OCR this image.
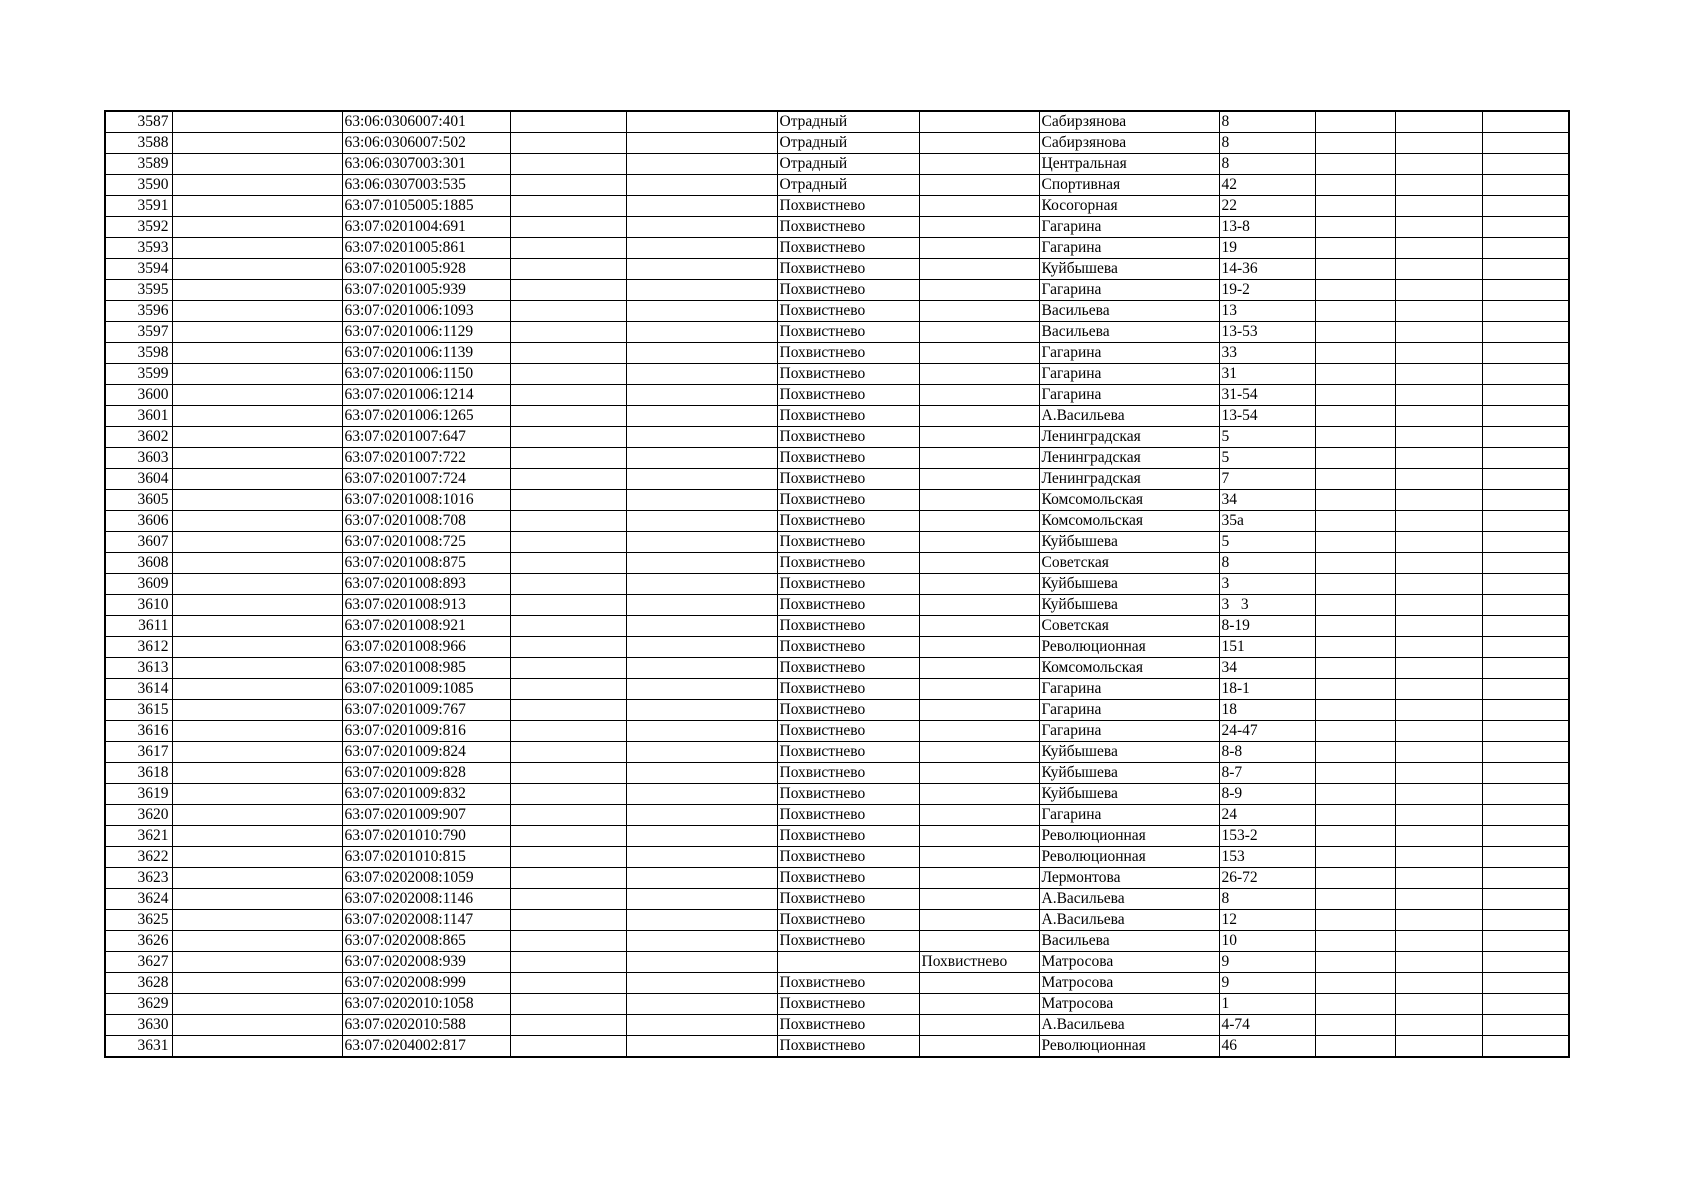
3587		63:06:0306007:401			Отрадный		Сабирзянова	8			
3588		63:06:0306007:502			Отрадный		Сабирзянова	8			
3589		63:06:0307003:301			Отрадный		Центральная	8			
3590		63:06:0307003:535			Отрадный		Спортивная	42			
3591		63:07:0105005:1885			Похвистнево		Косогорная	22			
3592		63:07:0201004:691			Похвистнево		Гагарина	13-8			
3593		63:07:0201005:861			Похвистнево		Гагарина	19			
3594		63:07:0201005:928			Похвистнево		Куйбышева	14-36			
3595		63:07:0201005:939			Похвистнево		Гагарина	19-2			
3596		63:07:0201006:1093			Похвистнево		Васильева	13			
3597		63:07:0201006:1129			Похвистнево		Васильева	13-53			
3598		63:07:0201006:1139			Похвистнево		Гагарина	33			
3599		63:07:0201006:1150			Похвистнево		Гагарина	31			
3600		63:07:0201006:1214			Похвистнево		Гагарина	31-54			
3601		63:07:0201006:1265			Похвистнево		А.Васильева	13-54			
3602		63:07:0201007:647			Похвистнево		Ленинградская	5			
3603		63:07:0201007:722			Похвистнево		Ленинградская	5			
3604		63:07:0201007:724			Похвистнево		Ленинградская	7			
3605		63:07:0201008:1016			Похвистнево		Комсомольская	34			
3606		63:07:0201008:708			Похвистнево		Комсомольская	35а			
3607		63:07:0201008:725			Похвистнево		Куйбышева	5			
3608		63:07:0201008:875			Похвистнево		Советская	8			
3609		63:07:0201008:893			Похвистнево		Куйбышева	3			
3610		63:07:0201008:913			Похвистнево		Куйбышева	3   3			
3611		63:07:0201008:921			Похвистнево		Советская	8-19			
3612		63:07:0201008:966			Похвистнево		Революционная	151			
3613		63:07:0201008:985			Похвистнево		Комсомольская	34			
3614		63:07:0201009:1085			Похвистнево		Гагарина	18-1			
3615		63:07:0201009:767			Похвистнево		Гагарина	18			
3616		63:07:0201009:816			Похвистнево		Гагарина	24-47			
3617		63:07:0201009:824			Похвистнево		Куйбышева	8-8			
3618		63:07:0201009:828			Похвистнево		Куйбышева	8-7			
3619		63:07:0201009:832			Похвистнево		Куйбышева	8-9			
3620		63:07:0201009:907			Похвистнево		Гагарина	24			
3621		63:07:0201010:790			Похвистнево		Революционная	153-2			
3622		63:07:0201010:815			Похвистнево		Революционная	153			
3623		63:07:0202008:1059			Похвистнево		Лермонтова	26-72			
3624		63:07:0202008:1146			Похвистнево		А.Васильева	8			
3625		63:07:0202008:1147			Похвистнево		А.Васильева	12			
3626		63:07:0202008:865			Похвистнево		Васильева	10			
3627		63:07:0202008:939				Похвистнево	Матросова	9			
3628		63:07:0202008:999			Похвистнево		Матросова	9			
3629		63:07:0202010:1058			Похвистнево		Матросова	1			
3630		63:07:0202010:588			Похвистнево		А.Васильева	4-74			
3631		63:07:0204002:817			Похвистнево		Революционная	46			
